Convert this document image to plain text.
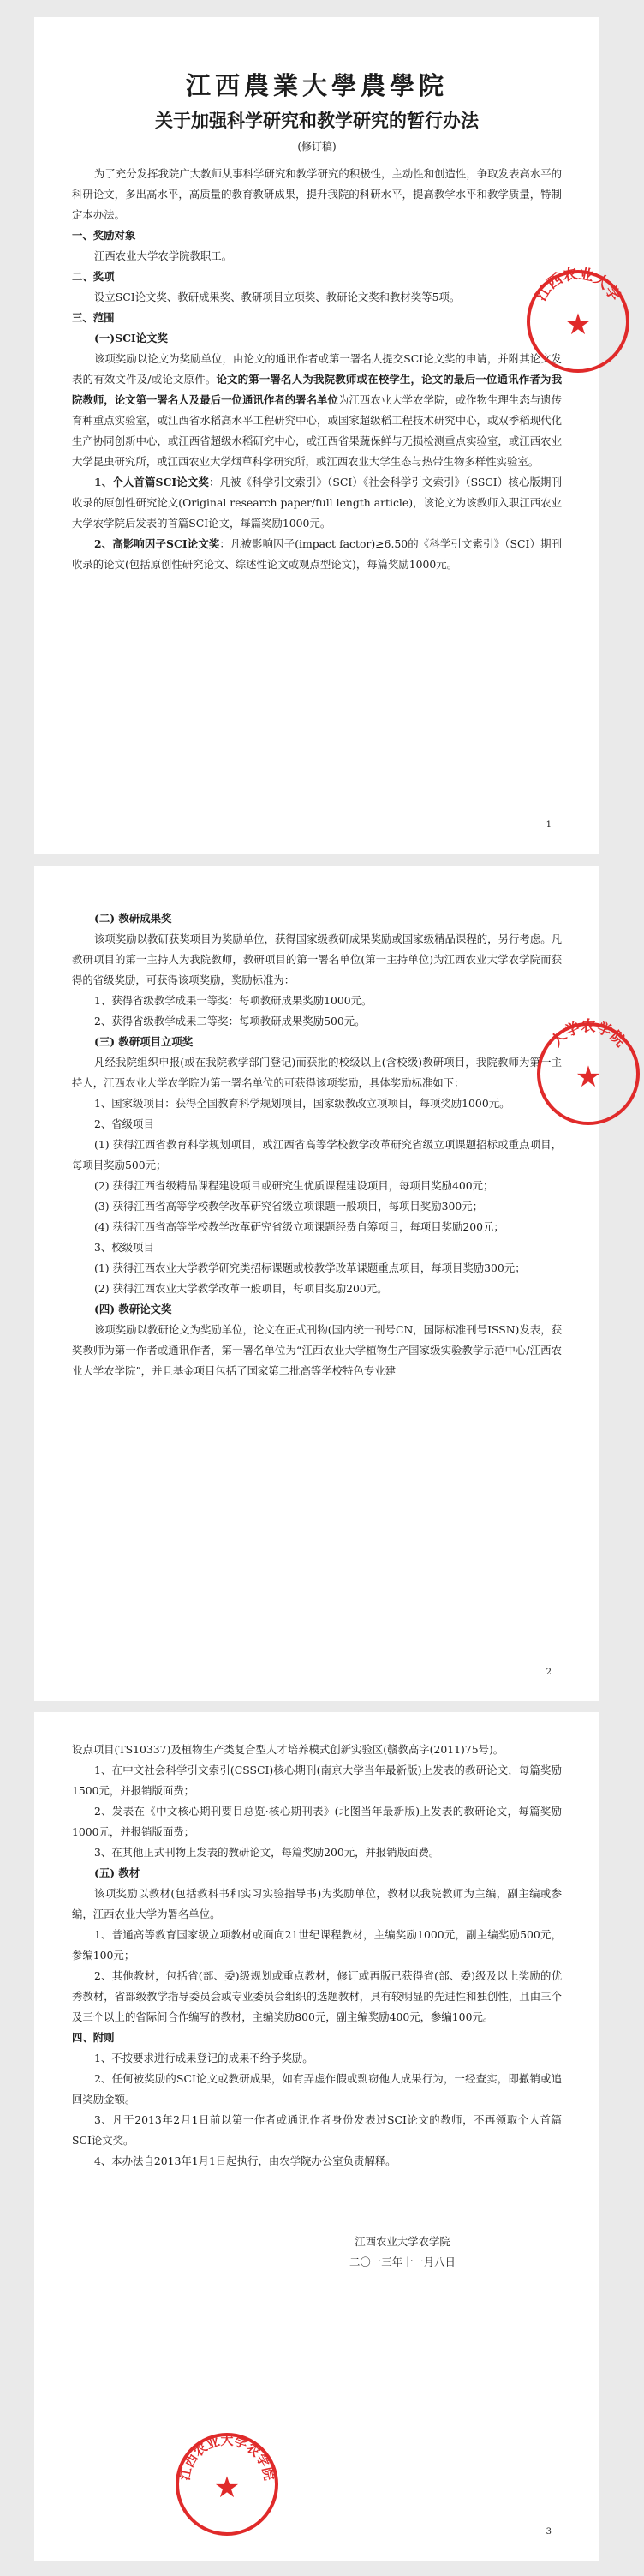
江西農業大學農學院
关于加强科学研究和教学研究的暂行办法
(修订稿)

为了充分发挥我院广大教师从事科学研究和教学研究的积极性，主动性和创造性，争取发表高水平的科研论文，多出高水平，高质量的教育教研成果，提升我院的科研水平，提高教学水平和教学质量，特制定本办法。

一、奖励对象

江西农业大学农学院教职工。

二、奖项

设立SCI论文奖、教研成果奖、教研项目立项奖、教研论文奖和教材奖等5项。

三、范围

(一)SCI论文奖

该项奖励以论文为奖励单位，由论文的通讯作者或第一署名人提交SCI论文奖的申请，并附其论文发表的有效文件及/或论文原件。论文的第一署名人为我院教师或在校学生，论文的最后一位通讯作者为我院教师，论文第一署名人及最后一位通讯作者的署名单位为江西农业大学农学院，或作物生理生态与遗传育种重点实验室，或江西省水稻高水平工程研究中心，或国家超级稻工程技术研究中心，或双季稻现代化生产协同创新中心，或江西省超级水稻研究中心，或江西省果蔬保鲜与无损检测重点实验室，或江西农业大学昆虫研究所，或江西农业大学烟草科学研究所，或江西农业大学生态与热带生物多样性实验室。

1、个人首篇SCI论文奖：凡被《科学引文索引》（SCI）《社会科学引文索引》（SSCI）核心版期刊收录的原创性研究论文(Original research paper/full length article)，该论文为该教师入职江西农业大学农学院后发表的首篇SCI论文，每篇奖励1000元。

2、高影响因子SCI论文奖：凡被影响因子(impact factor)≥6.50的《科学引文索引》（SCI）期刊收录的论文(包括原创性研究论文、综述性论文或观点型论文)，每篇奖励1000元。

江西农业大学
★
1

(二) 教研成果奖

该项奖励以教研获奖项目为奖励单位，获得国家级教研成果奖励或国家级精品课程的，另行考虑。凡教研项目的第一主持人为我院教师，教研项目的第一署名单位(第一主持单位)为江西农业大学农学院而获得的省级奖励，可获得该项奖励，奖励标准为：

1、获得省级教学成果一等奖：每项教研成果奖励1000元。

2、获得省级教学成果二等奖：每项教研成果奖励500元。

(三) 教研项目立项奖

凡经我院组织申报(或在我院教学部门登记)而获批的校级以上(含校级)教研项目，我院教师为第一主持人，江西农业大学农学院为第一署名单位的可获得该项奖励，具体奖励标准如下：

1、国家级项目：获得全国教育科学规划项目，国家级教改立项项目，每项奖励1000元。

2、省级项目

(1) 获得江西省教育科学规划项目，或江西省高等学校教学改革研究省级立项课题招标或重点项目，每项目奖励500元；

(2) 获得江西省级精品课程建设项目或研究生优质课程建设项目，每项目奖励400元；

(3) 获得江西省高等学校教学改革研究省级立项课题一般项目，每项目奖励300元；

(4) 获得江西省高等学校教学改革研究省级立项课题经费自筹项目，每项目奖励200元；

3、校级项目

(1) 获得江西农业大学教学研究类招标课题或校教学改革课题重点项目，每项目奖励300元；

(2) 获得江西农业大学教学改革一般项目，每项目奖励200元。

(四) 教研论文奖

该项奖励以教研论文为奖励单位，论文在正式刊物(国内统一刊号CN，国际标准刊号ISSN)发表，获奖教师为第一作者或通讯作者，第一署名单位为“江西农业大学植物生产国家级实验教学示范中心/江西农业大学农学院”，并且基金项目包括了国家第二批高等学校特色专业建

大学农学院
★
2

设点项目(TS10337)及植物生产类复合型人才培养模式创新实验区(赣教高字(2011)75号)。

1、在中文社会科学引文索引(CSSCI)核心期刊(南京大学当年最新版)上发表的教研论文，每篇奖励1500元，并报销版面费；

2、发表在《中文核心期刊要目总览·核心期刊表》(北图当年最新版)上发表的教研论文，每篇奖励1000元，并报销版面费；

3、在其他正式刊物上发表的教研论文，每篇奖励200元，并报销版面费。

(五) 教材

该项奖励以教材(包括教科书和实习实验指导书)为奖励单位，教材以我院教师为主编，副主编或参编，江西农业大学为署名单位。

1、普通高等教育国家级立项教材或面向21世纪课程教材，主编奖励1000元，副主编奖励500元，参编100元；

2、其他教材，包括省(部、委)级规划或重点教材，修订或再版已获得省(部、委)级及以上奖励的优秀教材，省部级教学指导委员会或专业委员会组织的选题教材，具有较明显的先进性和独创性，且由三个及三个以上的省际间合作编写的教材，主编奖励800元，副主编奖励400元，参编100元。

四、附则

1、不按要求进行成果登记的成果不给予奖励。

2、任何被奖励的SCI论文或教研成果，如有弄虚作假或剽窃他人成果行为，一经查实，即撤销或追回奖励金额。

3、凡于2013年2月1日前以第一作者或通讯作者身份发表过SCI论文的教师，不再领取个人首篇SCI论文奖。

4、本办法自2013年1月1日起执行，由农学院办公室负责解释。

江西农业大学农学院

二〇一三年十一月八日

江西农业大学农学院
★
3
